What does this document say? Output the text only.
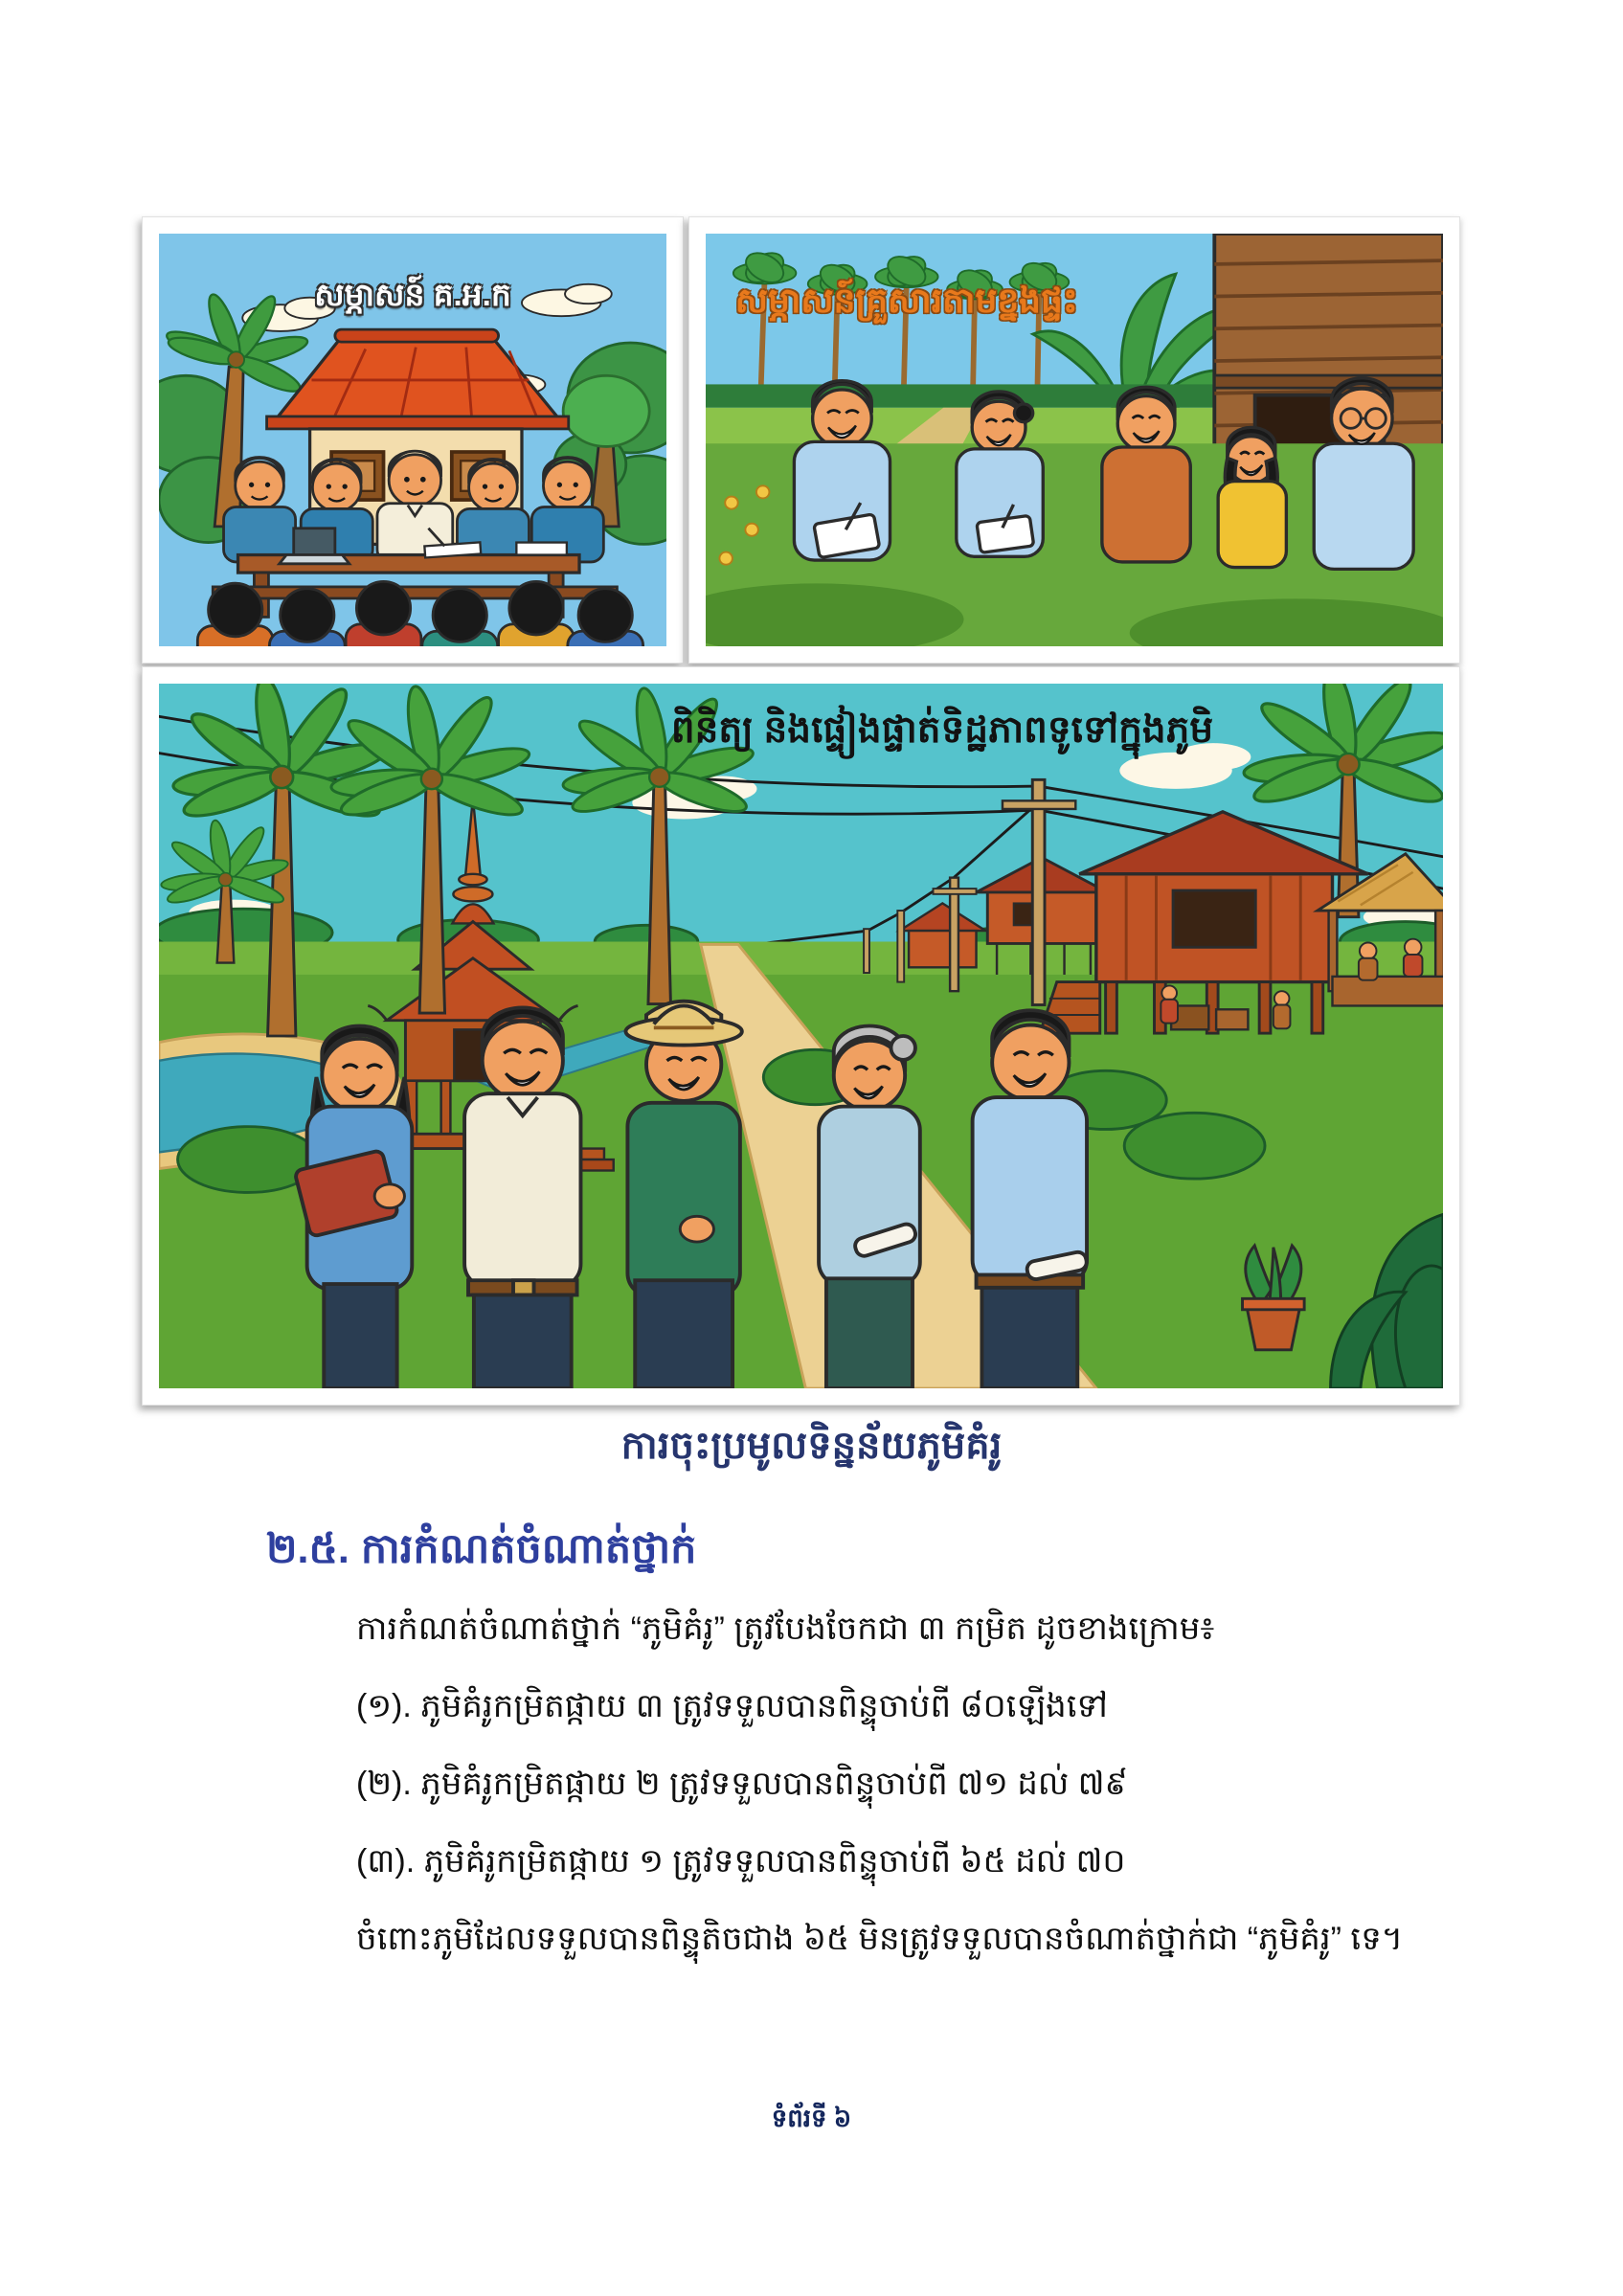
សម្ភាសន៍ គ.អ.ក	សម្ភាសន៍គ្រួសារតាមខ្នងផ្ទះ
ពិនិត្យ និងផ្ទៀងផ្ទាត់ទិដ្ឋភាពទូទៅក្នុងភូមិ
ការចុះប្រមូលទិន្នន័យភូមិគំរូ
២.៥. ការកំណត់ចំណាត់ថ្នាក់
ការកំណត់ចំណាត់ថ្នាក់ “ភូមិគំរូ” ត្រូវបែងចែកជា ៣ កម្រិត ដូចខាងក្រោម៖
(១). ភូមិគំរូកម្រិតផ្កាយ ៣ ត្រូវទទួលបានពិន្ទុចាប់ពី ៨០ឡើងទៅ
(២). ភូមិគំរូកម្រិតផ្កាយ ២ ត្រូវទទួលបានពិន្ទុចាប់ពី ៧១ ដល់ ៧៩
(៣). ភូមិគំរូកម្រិតផ្កាយ ១ ត្រូវទទួលបានពិន្ទុចាប់ពី ៦៥ ដល់ ៧០
ចំពោះភូមិដែលទទួលបានពិន្ទុតិចជាង ៦៥ មិនត្រូវទទួលបានចំណាត់ថ្នាក់ជា “ភូមិគំរូ” ទេ។
ទំព័រទី ៦
